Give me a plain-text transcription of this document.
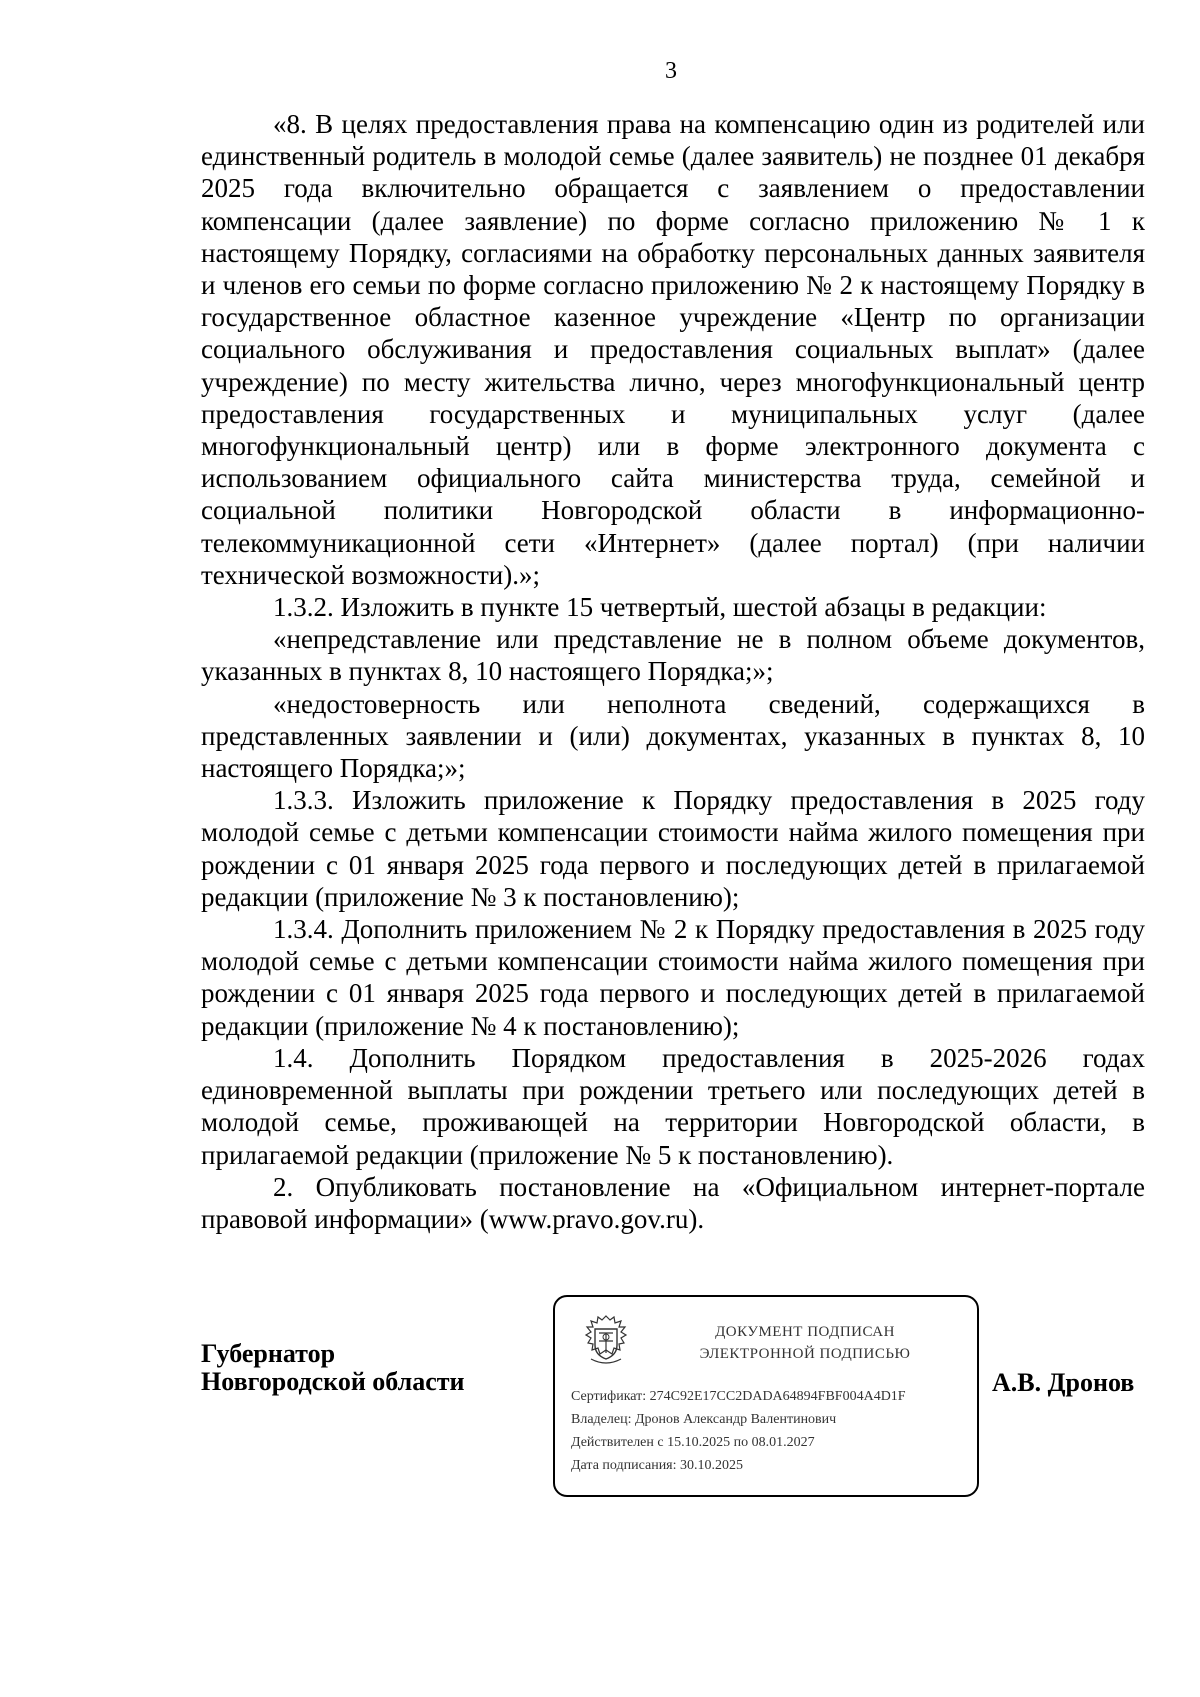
3

«8. В целях предоставления права на компенсацию один из родителей или единственный родитель в молодой семье (далее заявитель) не позднее 01 декабря 2025 года включительно обращается с заявлением о предоставлении компенсации (далее заявление) по форме согласно приложению № 1 к настоящему Порядку, согласиями на обработку персональных данных заявителя и членов его семьи по форме согласно приложению № 2 к настоящему Порядку в государственное областное казенное учреждение «Центр по организации социального обслуживания и предоставления социальных выплат» (далее учреждение) по месту жительства лично, через многофункциональный центр предоставления государственных и муниципальных услуг (далее многофункциональный центр) или в форме электронного документа с использованием официального сайта министерства труда, семейной и социальной политики Новгородской области в информационно-телекоммуникационной сети «Интернет» (далее портал) (при наличии технической возможности).»;

1.3.2. Изложить в пункте 15 четвертый, шестой абзацы в редакции:

«непредставление или представление не в полном объеме документов, указанных в пунктах 8, 10 настоящего Порядка;»;

«недостоверность или неполнота сведений, содержащихся в представленных заявлении и (или) документах, указанных в пунктах 8, 10 настоящего Порядка;»;

1.3.3. Изложить приложение к Порядку предоставления в 2025 году молодой семье с детьми компенсации стоимости найма жилого помещения при рождении с 01 января 2025 года первого и последующих детей в прилагаемой редакции (приложение № 3 к постановлению);

1.3.4. Дополнить приложением № 2 к Порядку предоставления в 2025 году молодой семье с детьми компенсации стоимости найма жилого помещения при рождении с 01 января 2025 года первого и последующих детей в прилагаемой редакции (приложение № 4 к постановлению);

1.4. Дополнить Порядком предоставления в 2025-2026 годах единовременной выплаты при рождении третьего или последующих детей в молодой семье, проживающей на территории Новгородской области, в прилагаемой редакции (приложение № 5 к постановлению).

2. Опубликовать постановление на «Официальном интернет-портале правовой информации» (www.pravo.gov.ru).

Губернатор
Новгородской области
ДОКУМЕНТ ПОДПИСАН
ЭЛЕКТРОННОЙ ПОДПИСЬЮ
Сертификат: 274C92E17CC2DADA64894FBF004A4D1F
Владелец: Дронов Александр Валентинович
Действителен с 15.10.2025 по 08.01.2027
Дата подписания: 30.10.2025
А.В. Дронов
